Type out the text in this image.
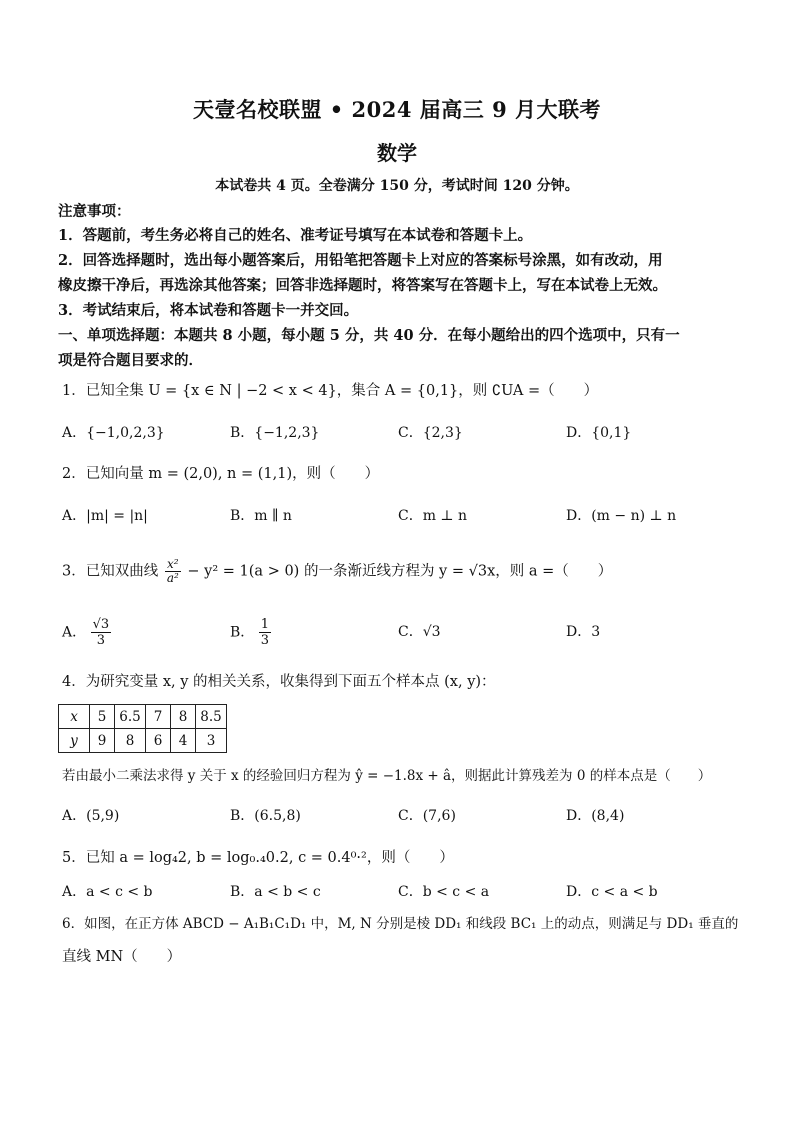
天壹名校联盟 • 2024 届高三 9 月大联考
数学
本试卷共 4 页。全卷满分 150 分，考试时间 120 分钟。
注意事项：
1．答题前，考生务必将自己的姓名、准考证号填写在本试卷和答题卡上。
2．回答选择题时，选出每小题答案后，用铅笔把答题卡上对应的答案标号涂黑，如有改动，用
橡皮擦干净后，再选涂其他答案；回答非选择题时，将答案写在答题卡上，写在本试卷上无效。
3．考试结束后，将本试卷和答题卡一并交回。
一、单项选择题：本题共 8 小题，每小题 5 分，共 40 分．在每小题给出的四个选项中，只有一
项是符合题目要求的．
1．已知全集 U = {x ∈ N | −2 < x < 4}，集合 A = {0,1}，则 ∁UA =（　　）
A．{−1,0,2,3}	B．{−1,2,3}	C．{2,3}	D．{0,1}
2．已知向量 m = (2,0), n = (1,1)，则（　　）
A．|m| = |n|	B．m ∥ n	C．m ⊥ n	D．(m − n) ⊥ n
3．已知双曲线 $\frac{\text{x²}}{\text{a²}} - y^2 = 1(a > 0)$ 的一条渐近线方程为 y = √3x，则 a =（　　）
A． $\frac{√3}{3}$	B． $\frac{1}{3}$	C．√3	D．3
4．为研究变量 x, y 的相关关系，收集得到下面五个样本点 (x, y)：
x	5	6.5	7	8	8.5
y	9	8	6	4	3
若由最小二乘法求得 y 关于 x 的经验回归方程为 ŷ = −1.8x + â，则据此计算残差为 0 的样本点是（　　）
A．(5,9)	B．(6.5,8)	C．(7,6)	D．(8,4)
5．已知 a = log₄2, b = log₀.₄0.2, c = 0.4⁰·²，则（　　）
A．a < c < b	B．a < b < c	C．b < c < a	D．c < a < b
6．如图，在正方体 ABCD − A₁B₁C₁D₁ 中，M, N 分别是棱 DD₁ 和线段 BC₁ 上的动点，则满足与 DD₁ 垂直的
直线 MN（　　）
